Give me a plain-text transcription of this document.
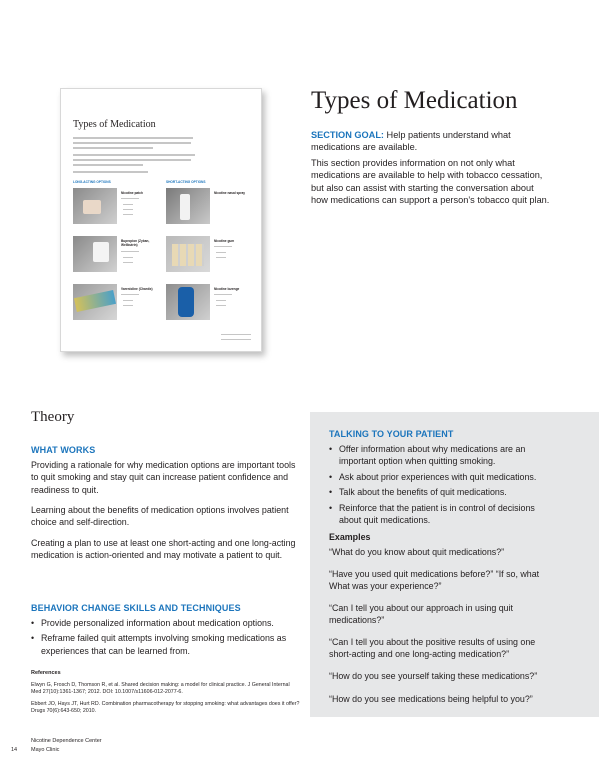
Types of Medication
LONG-ACTING OPTIONS	SHORT-ACTING OPTIONS
Nicotine patch	Nicotine nasal spray
Bupropion (Zyban, Wellbutrin)
Nicotine gum
Varenicline (Chantix)	Nicotine lozenge
Types of Medication
SECTION GOAL: Help patients understand what medications are available.
This section provides information on not only what medications are available to help with tobacco cessation, but also can assist with starting the conversation about how medications can support a person’s tobacco quit plan.
Theory
WHAT WORKS
Providing a rationale for why medication options are important tools to quit smoking and stay quit can increase patient confidence and readiness to quit.
Learning about the benefits of medication options involves patient choice and self-direction.
Creating a plan to use at least one short-acting and one long-acting medication is action-oriented and may motivate a patient to quit.
BEHAVIOR CHANGE SKILLS AND TECHNIQUES
• Provide personalized information about medication options.
• Reframe failed quit attempts involving smoking medications as experiences that can be learned from.
References
Elwyn G, Frosch D, Thomson R, et al. Shared decision making: a model for clinical practice. J General Internal Med 27(10):1361-1367; 2012. DOI: 10.1007/s11606-012-2077-6.
Ebbert JO, Hays JT, Hurt RD. Combination pharmacotherapy for stopping smoking: what advantages does it offer? Drugs 70(6):643-650; 2010.
14
Nicotine Dependence Center
Mayo Clinic
TALKING TO YOUR PATIENT
• Offer information about why medications are an important option when quitting smoking.
• Ask about prior experiences with quit medications.
• Talk about the benefits of quit medications.
• Reinforce that the patient is in control of decisions about quit medications.
Examples
“What do you know about quit medications?”
“Have you used quit medications before?” “If so, what What was your experience?”
“Can I tell you about our approach in using quit medications?”
“Can I tell you about the positive results of using one short-acting and one long-acting medication?”
“How do you see yourself taking these medications?”
“How do you see medications being helpful to you?”
